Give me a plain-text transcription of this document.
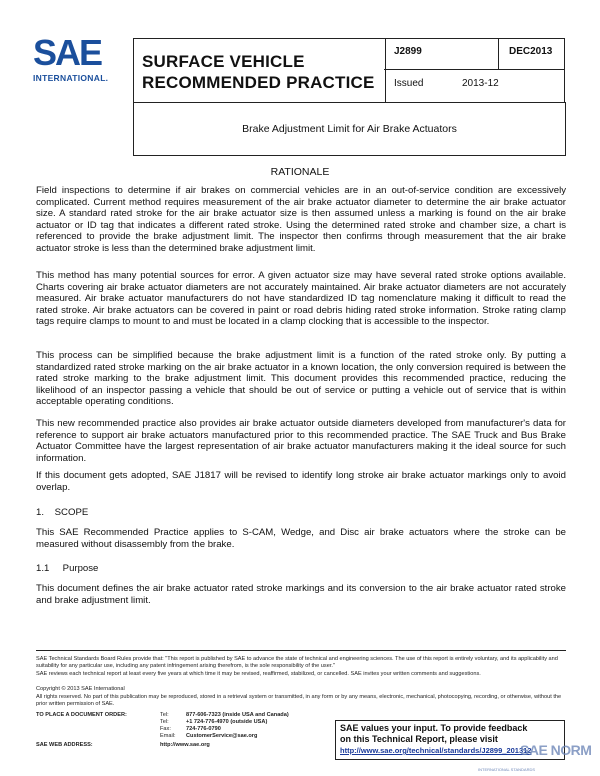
SAE
INTERNATIONAL.
SURFACE VEHICLE
RECOMMENDED PRACTICE
J2899	DEC2013
Issued	2013-12
Brake Adjustment Limit for Air Brake Actuators
RATIONALE
Field inspections to determine if air brakes on commercial vehicles are in an out-of-service condition are excessively complicated. Current method requires measurement of the air brake actuator diameter to determine the air brake actuator size. A standard rated stroke for the air brake actuator size is then assumed unless a marking is found on the air brake actuator or ID tag that indicates a different rated stroke. Using the determined rated stroke and chamber size, a chart is referenced to provide the brake adjustment limit. The inspector then confirms through measurement that the air brake actuator stroke is less than the determined brake adjustment limit.
This method has many potential sources for error. A given actuator size may have several rated stroke options available. Charts covering air brake actuator diameters are not accurately maintained. Air brake actuator diameters are not accurately measured. Air brake actuator manufacturers do not have standardized ID tag nomenclature making it difficult to read the rated stroke. Air brake actuators can be covered in paint or road debris hiding rated stroke information. Stroke rating clamp tags require clamps to mount to and must be located in a clamp clocking that is accessible to the inspector.
This process can be simplified because the brake adjustment limit is a function of the rated stroke only. By putting a standardized rated stroke marking on the air brake actuator in a known location, the only conversion required is between the rated stroke marking to the brake adjustment limit. This document provides this recommended practice, reducing the likelihood of an inspector passing a vehicle that should be out of service or putting a vehicle out of service that is within acceptable operating conditions.
This new recommended practice also provides air brake actuator outside diameters developed from manufacturer's data for reference to support air brake actuators manufactured prior to this recommended practice. The SAE Truck and Bus Brake Actuator Committee have the largest representation of air brake actuator manufacturers making it the ideal source for such information.
If this document gets adopted, SAE J1817 will be revised to identify long stroke air brake actuator markings only to avoid overlap.
1.    SCOPE
This SAE Recommended Practice applies to S-CAM, Wedge, and Disc air brake actuators where the stroke can be measured without disassembly from the brake.
1.1     Purpose
This document defines the air brake actuator rated stroke markings and its conversion to the air brake actuator rated stroke and brake adjustment limit.
SAE Technical Standards Board Rules provide that: "This report is published by SAE to advance the state of technical and engineering sciences. The use of this report is entirely voluntary, and its applicability and suitability for any particular use, including any patent infringement arising therefrom, is the sole responsibility of the user."
SAE reviews each technical report at least every five years at which time it may be revised, reaffirmed, stabilized, or cancelled. SAE invites your written comments and suggestions.
Copyright © 2013 SAE International
All rights reserved. No part of this publication may be reproduced, stored in a retrieval system or transmitted, in any form or by any means, electronic, mechanical, photocopying, recording, or otherwise, without the prior written permission of SAE.
TO PLACE A DOCUMENT ORDER:	Tel:	877-606-7323 (inside USA and Canada)
Tel:	+1 724-776-4970 (outside USA)
Fax:	724-776-0790
Email:	CustomerService@sae.org
SAE WEB ADDRESS:	http://www.sae.org
SAE values your input. To provide feedback
on this Technical Report, please visit
http://www.sae.org/technical/standards/J2899_201312
SAE NORM
INTERNATIONAL STANDARDS
